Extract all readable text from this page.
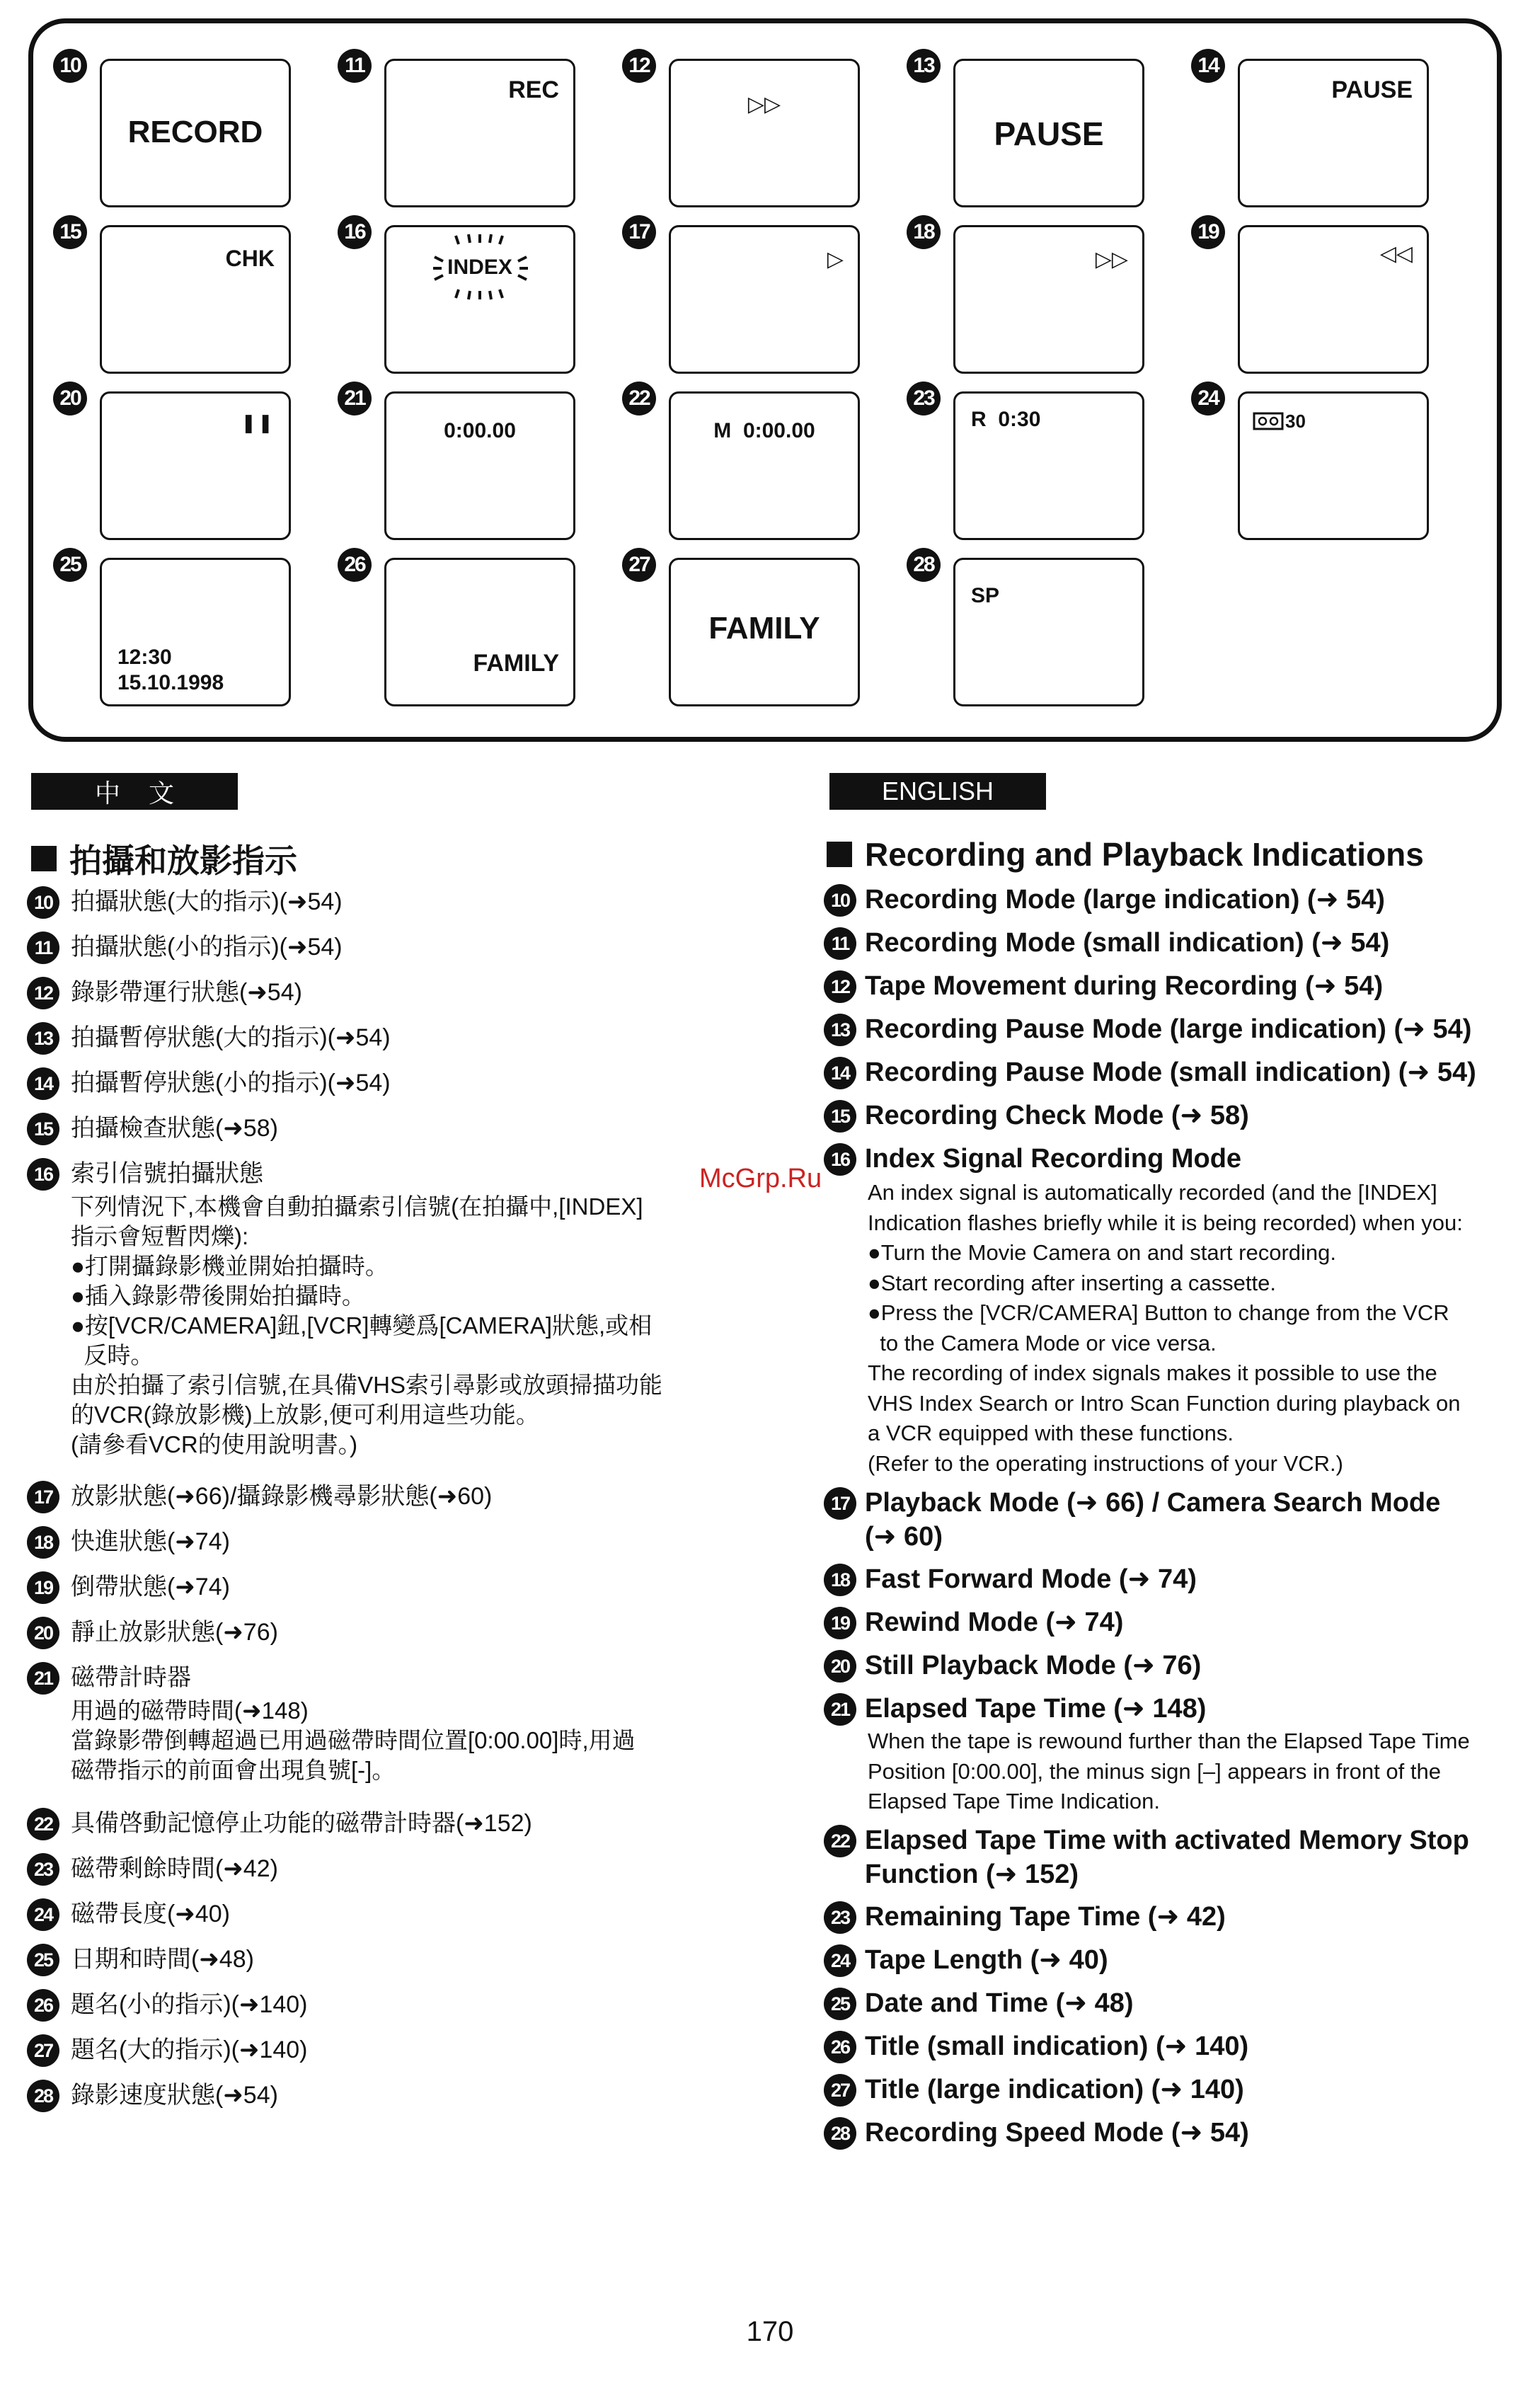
10
RECORD
11
REC
12
▷▷
13
PAUSE
14
PAUSE
15
CHK
16
INDEX
17
▷
18
▷▷
19
◁◁
20
❚❚
21
0:00.00
22
M  0:00.00
23
R  0:30
24
30
25
12:30
15.10.1998
26
FAMILY
27
FAMILY
28
SP
中文	ENGLISH
拍攝和放影指示	Recording and Playback Indications
10 拍攝狀態(大的指示)(➜54)
11 拍攝狀態(小的指示)(➜54)
12 錄影帶運行狀態(➜54)
13 拍攝暫停狀態(大的指示)(➜54)
14 拍攝暫停狀態(小的指示)(➜54)
15 拍攝檢查狀態(➜58)
16 索引信號拍攝狀態
下列情況下,本機會自動拍攝索引信號(在拍攝中,[INDEX]
指示會短暫閃爍):
●打開攝錄影機並開始拍攝時。
●插入錄影帶後開始拍攝時。
●按[VCR/CAMERA]鈕,[VCR]轉變爲[CAMERA]狀態,或相
反時。
由於拍攝了索引信號,在具備VHS索引尋影或放頭掃描功能
的VCR(錄放影機)上放影,便可利用這些功能。
(請參看VCR的使用說明書。)
17 放影狀態(➜66)/攝錄影機尋影狀態(➜60)
18 快進狀態(➜74)
19 倒帶狀態(➜74)
20 靜止放影狀態(➜76)
21 磁帶計時器
用過的磁帶時間(➜148)
當錄影帶倒轉超過已用過磁帶時間位置[0:00.00]時,用過
磁帶指示的前面會出現負號[-]。
22 具備啓動記憶停止功能的磁帶計時器(➜152)
23 磁帶剩餘時間(➜42)
24 磁帶長度(➜40)
25 日期和時間(➜48)
26 題名(小的指示)(➜140)
27 題名(大的指示)(➜140)
28 錄影速度狀態(➜54)
10 Recording Mode (large indication) (➜ 54)
11 Recording Mode (small indication) (➜ 54)
12 Tape Movement during Recording (➜ 54)
13 Recording Pause Mode (large indication) (➜ 54)
14 Recording Pause Mode (small indication) (➜ 54)
15 Recording Check Mode (➜ 58)
16 Index Signal Recording Mode
An index signal is automatically recorded (and the [INDEX]
Indication flashes briefly while it is being recorded) when you:
●Turn the Movie Camera on and start recording.
●Start recording after inserting a cassette.
●Press the [VCR/CAMERA] Button to change from the VCR
to the Camera Mode or vice versa.
The recording of index signals makes it possible to use the
VHS Index Search or Intro Scan Function during playback on
a VCR equipped with these functions.
(Refer to the operating instructions of your VCR.)
17 Playback Mode (➜ 66) / Camera Search Mode
(➜ 60)
18 Fast Forward Mode (➜ 74)
19 Rewind Mode (➜ 74)
20 Still Playback Mode (➜ 76)
21 Elapsed Tape Time (➜ 148)
When the tape is rewound further than the Elapsed Tape Time
Position [0:00.00], the minus sign [–] appears in front of the
Elapsed Tape Time Indication.
22 Elapsed Tape Time with activated Memory Stop
Function (➜ 152)
23 Remaining Tape Time (➜ 42)
24 Tape Length (➜ 40)
25 Date and Time (➜ 48)
26 Title (small indication) (➜ 140)
27 Title (large indication) (➜ 140)
28 Recording Speed Mode (➜ 54)
McGrp.Ru
170
